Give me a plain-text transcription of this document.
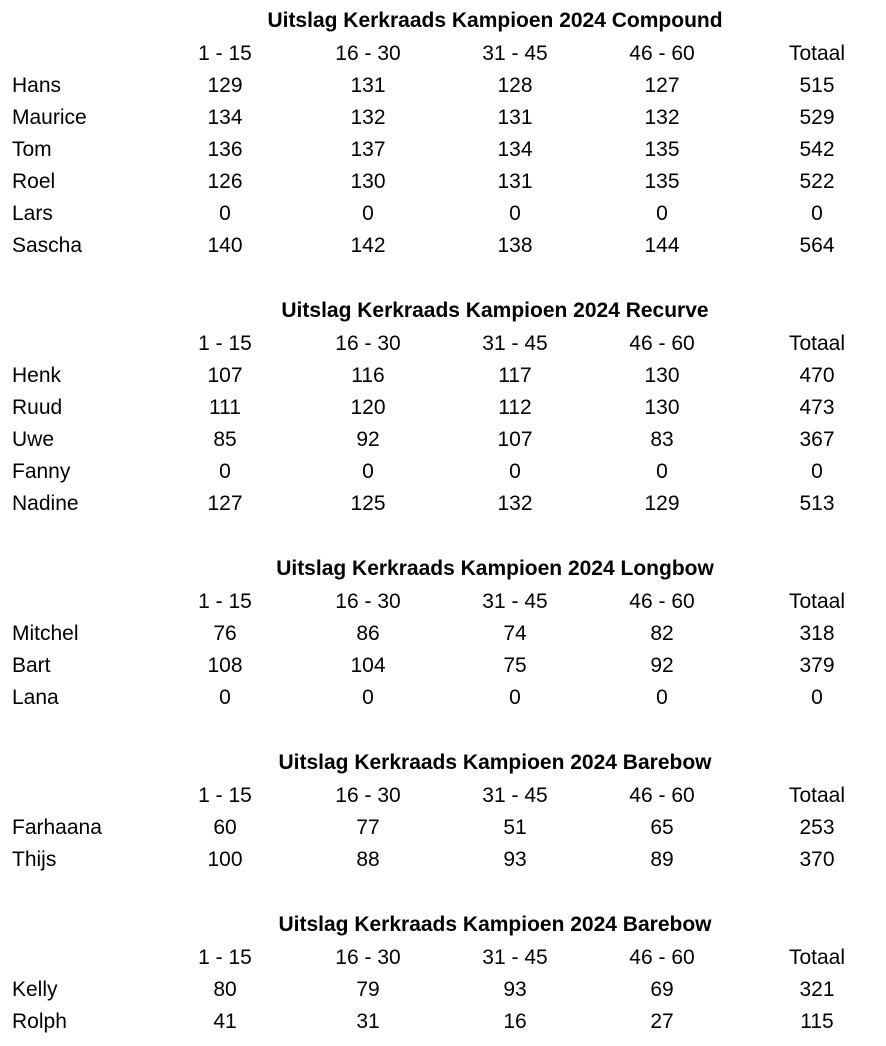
Uitslag Kerkraads Kampioen 2024 Compound
1 - 15	16 - 30	31 - 45	46 - 60	Totaal
Hans	129	131	128	127	515
Maurice	134	132	131	132	529
Tom	136	137	134	135	542
Roel	126	130	131	135	522
Lars	0	0	0	0	0
Sascha	140	142	138	144	564
Uitslag Kerkraads Kampioen 2024 Recurve
1 - 15	16 - 30	31 - 45	46 - 60	Totaal
Henk	107	116	117	130	470
Ruud	111	120	112	130	473
Uwe	85	92	107	83	367
Fanny	0	0	0	0	0
Nadine	127	125	132	129	513
Uitslag Kerkraads Kampioen 2024 Longbow
1 - 15	16 - 30	31 - 45	46 - 60	Totaal
Mitchel	76	86	74	82	318
Bart	108	104	75	92	379
Lana	0	0	0	0	0
Uitslag Kerkraads Kampioen 2024 Barebow
1 - 15	16 - 30	31 - 45	46 - 60	Totaal
Farhaana	60	77	51	65	253
Thijs	100	88	93	89	370
Uitslag Kerkraads Kampioen 2024 Barebow
1 - 15	16 - 30	31 - 45	46 - 60	Totaal
Kelly	80	79	93	69	321
Rolph	41	31	16	27	115
